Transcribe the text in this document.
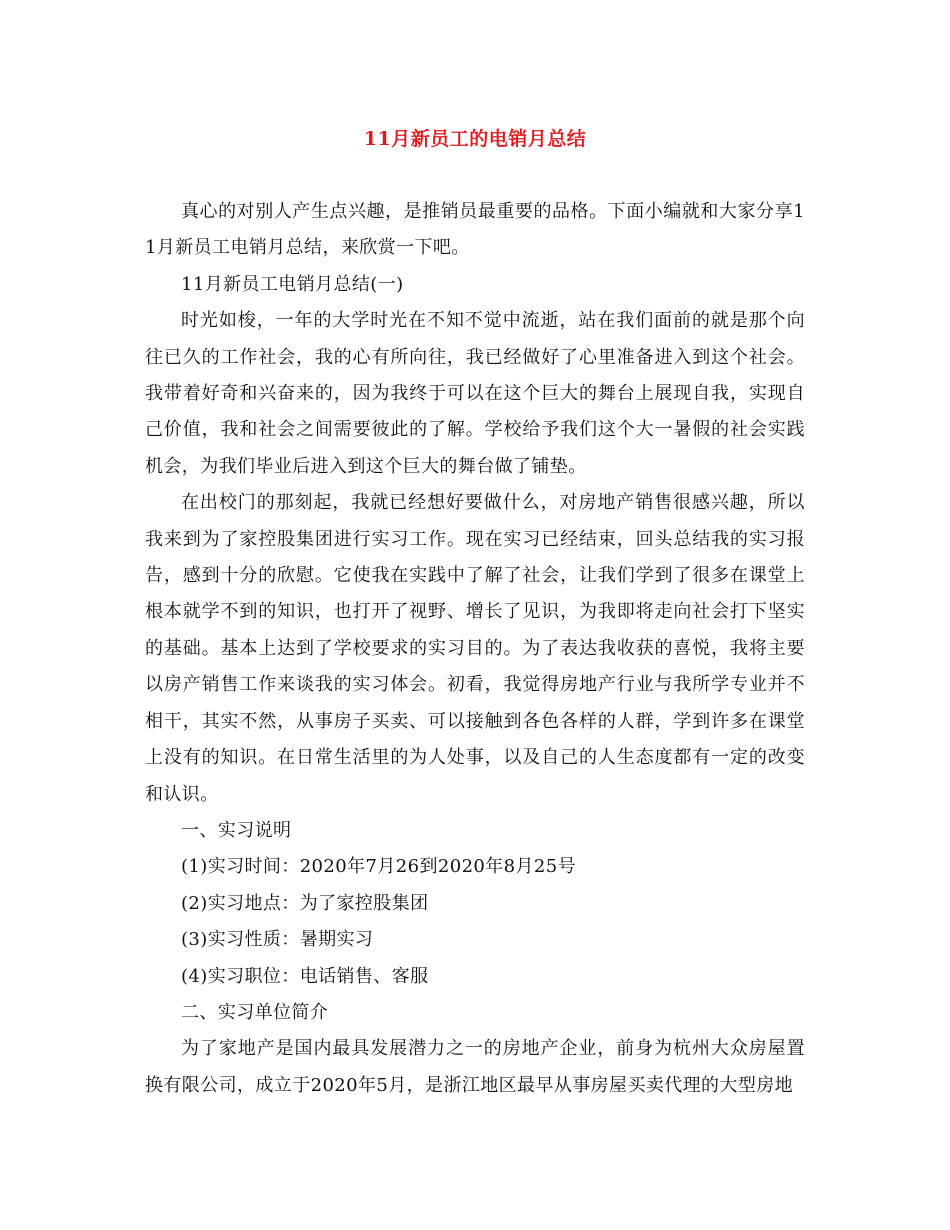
11月新员工的电销月总结

真心的对别人产生点兴趣，是推销员最重要的品格。下面小编就和大家分享11月新员工电销月总结，来欣赏一下吧。

11月新员工电销月总结(一)

时光如梭，一年的大学时光在不知不觉中流逝，站在我们面前的就是那个向往已久的工作社会，我的心有所向往，我已经做好了心里准备进入到这个社会。我带着好奇和兴奋来的，因为我终于可以在这个巨大的舞台上展现自我，实现自己价值，我和社会之间需要彼此的了解。学校给予我们这个大一暑假的社会实践机会，为我们毕业后进入到这个巨大的舞台做了铺垫。

在出校门的那刻起，我就已经想好要做什么，对房地产销售很感兴趣，所以我来到为了家控股集团进行实习工作。现在实习已经结束，回头总结我的实习报告，感到十分的欣慰。它使我在实践中了解了社会，让我们学到了很多在课堂上根本就学不到的知识，也打开了视野、增长了见识，为我即将走向社会打下坚实的基础。基本上达到了学校要求的实习目的。为了表达我收获的喜悦，我将主要以房产销售工作来谈我的实习体会。初看，我觉得房地产行业与我所学专业并不相干，其实不然，从事房子买卖、可以接触到各色各样的人群，学到许多在课堂上没有的知识。在日常生活里的为人处事，以及自己的人生态度都有一定的改变和认识。

一、实习说明

(1)实习时间：2020年7月26到2020年8月25号

(2)实习地点：为了家控股集团

(3)实习性质：暑期实习

(4)实习职位：电话销售、客服

二、实习单位简介

为了家地产是国内最具发展潜力之一的房地产企业，前身为杭州大众房屋置换有限公司，成立于2020年5月，是浙江地区最早从事房屋买卖代理的大型房地
